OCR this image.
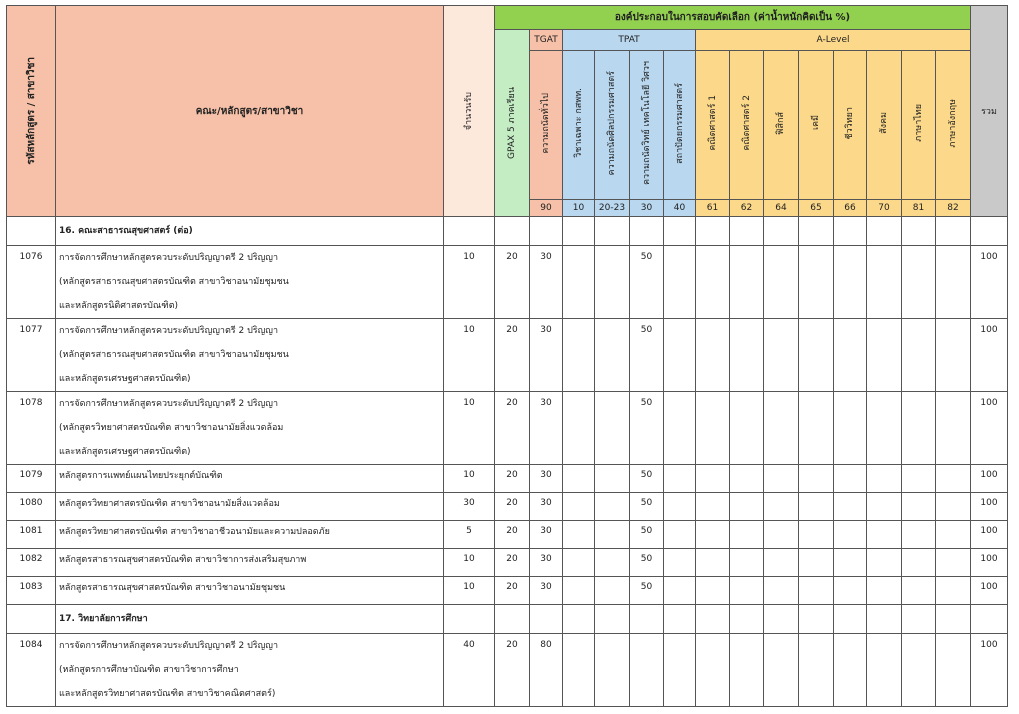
รหัสหลักสูตร / สาขาวิชา	คณะ/หลักสูตร/สาขาวิชา	จำนวนรับ	องค์ประกอบในการสอบคัดเลือก (ค่าน้ำหนักคิดเป็น %)														รวม

			GPAX 5 ภาคเรียน	TGAT	TPAT				A-Level								

				ความถนัดทั่วไป	วิชาเฉพาะ กสพท.	ความถนัดศิลปกรรมศาสตร์	ความถนัดวิทย์ เทคโนโลยี วิศวฯ	สถาปัตยกรรมศาสตร์	คณิตศาสตร์ 1	คณิตศาสตร์ 2	ฟิสิกส์	เคมี	ชีววิทยา	สังคม	ภาษาไทย	ภาษาอังกฤษ	

				90	10	20-23	30	40	61	62	64	65	66	70	81	82	
	16. คณะสาธารณสุขศาสตร์ (ต่อ)																
1076	การจัดการศึกษาหลักสูตรควบระดับปริญญาตรี 2 ปริญญา
(หลักสูตรสาธารณสุขศาสตรบัณฑิต สาขาวิชาอนามัยชุมชน
และหลักสูตรนิติศาสตรบัณฑิต)	10	20	30			50										100
1077	การจัดการศึกษาหลักสูตรควบระดับปริญญาตรี 2 ปริญญา
(หลักสูตรสาธารณสุขศาสตรบัณฑิต สาขาวิชาอนามัยชุมชน
และหลักสูตรเศรษฐศาสตรบัณฑิต)	10	20	30			50										100
1078	การจัดการศึกษาหลักสูตรควบระดับปริญญาตรี 2 ปริญญา
(หลักสูตรวิทยาศาสตรบัณฑิต สาขาวิชาอนามัยสิ่งแวดล้อม
และหลักสูตรเศรษฐศาสตรบัณฑิต)	10	20	30			50										100
1079	หลักสูตรการแพทย์แผนไทยประยุกต์บัณฑิต	10	20	30			50										100
1080	หลักสูตรวิทยาศาสตรบัณฑิต สาขาวิชาอนามัยสิ่งแวดล้อม	30	20	30			50										100
1081	หลักสูตรวิทยาศาสตรบัณฑิต สาขาวิชาอาชีวอนามัยและความปลอดภัย	5	20	30			50										100
1082	หลักสูตรสาธารณสุขศาสตรบัณฑิต สาขาวิชาการส่งเสริมสุขภาพ	10	20	30			50										100
1083	หลักสูตรสาธารณสุขศาสตรบัณฑิต สาขาวิชาอนามัยชุมชน	10	20	30			50										100
	17. วิทยาลัยการศึกษา																
1084	การจัดการศึกษาหลักสูตรควบระดับปริญญาตรี 2 ปริญญา
(หลักสูตรการศึกษาบัณฑิต สาขาวิชาการศึกษา
และหลักสูตรวิทยาศาสตรบัณฑิต สาขาวิชาคณิตศาสตร์)	40	20	80													100
